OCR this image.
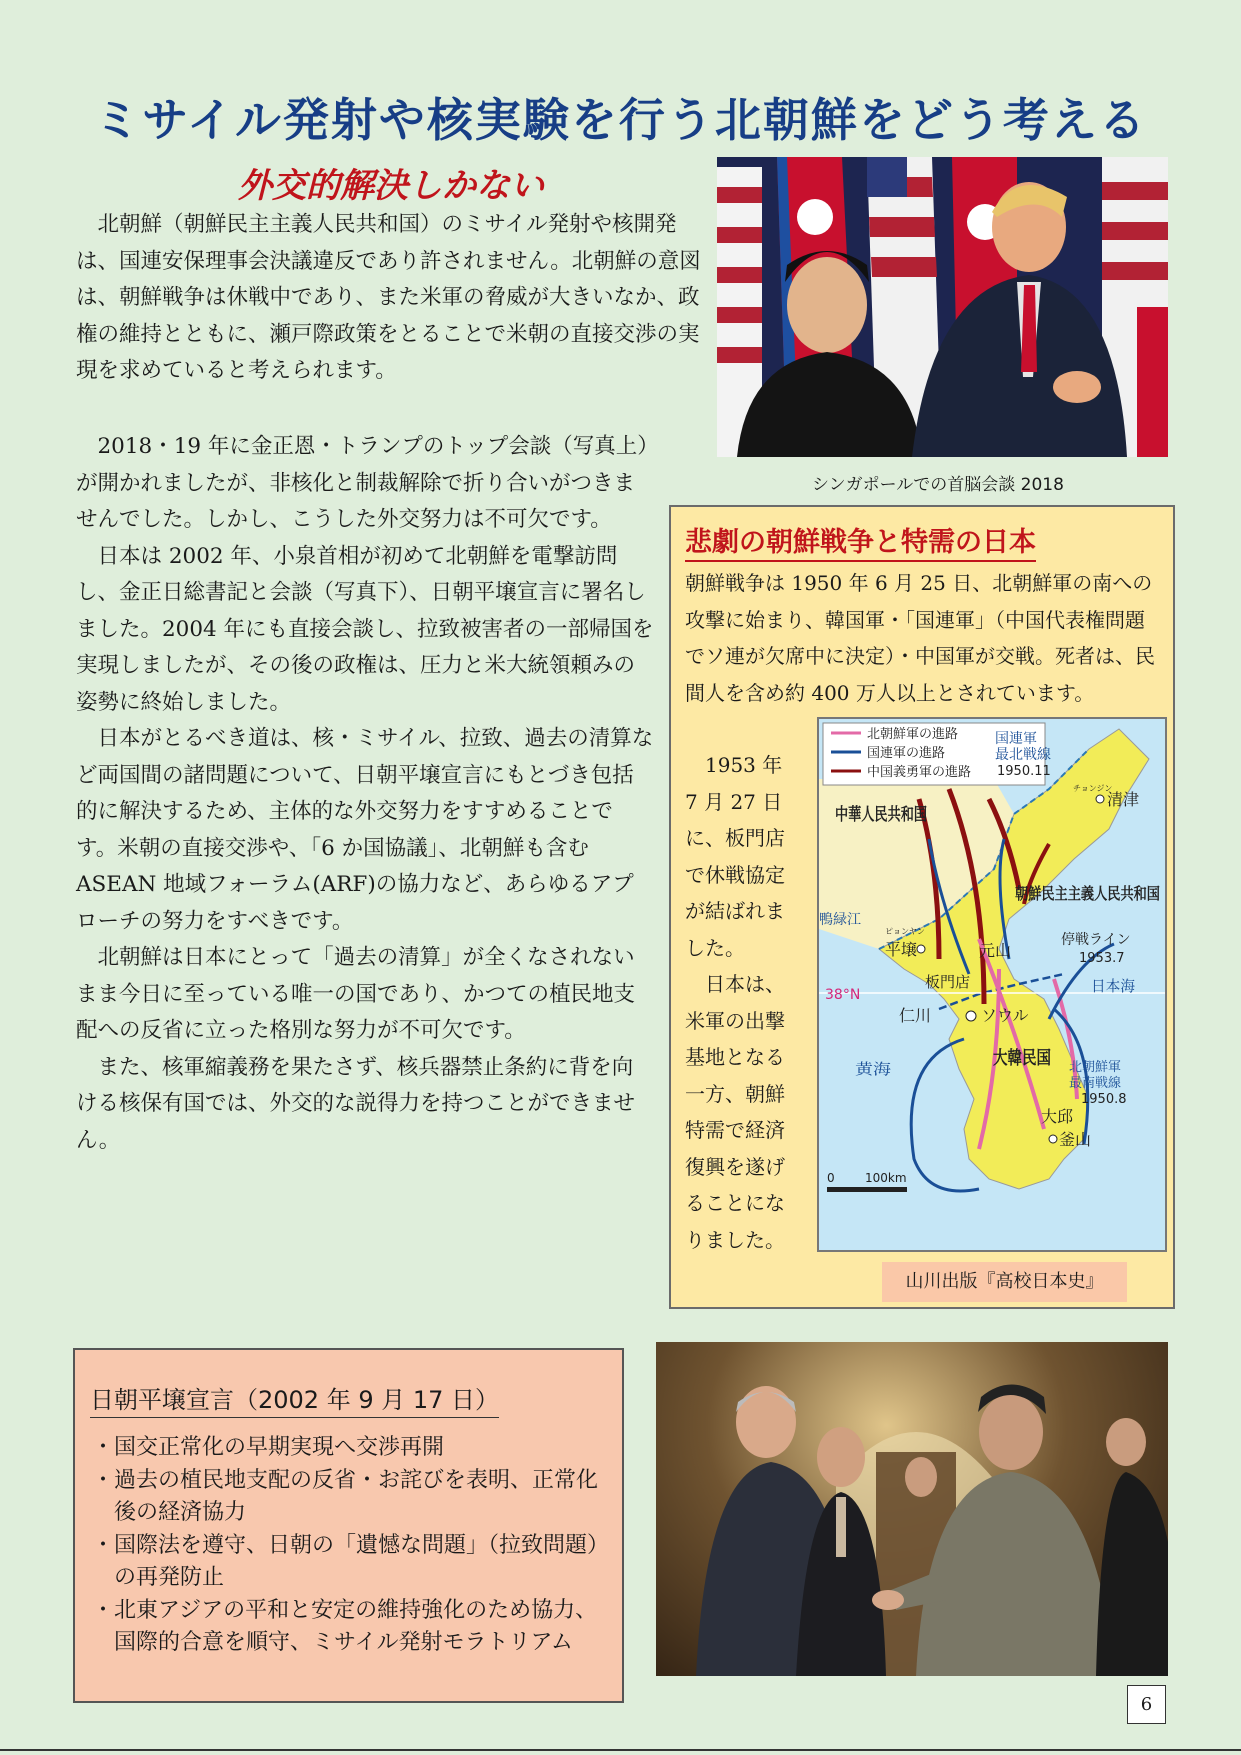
ミサイル発射や核実験を行う北朝鮮をどう考える
外交的解決しかない

北朝鮮（朝鮮民主主義人民共和国）のミサイル発射や核開発は、国連安保理事会決議違反であり許されません。北朝鮮の意図は、朝鮮戦争は休戦中であり、また米軍の脅威が大きいなか、政権の維持とともに、瀬戸際政策をとることで米朝の直接交渉の実現を求めていると考えられます。

2018・19 年に金正恩・トランプのトップ会談（写真上）が開かれましたが、非核化と制裁解除で折り合いがつきませんでした。しかし、こうした外交努力は不可欠です。

日本は 2002 年、小泉首相が初めて北朝鮮を電撃訪問し、金正日総書記と会談（写真下）、日朝平壌宣言に署名しました。2004 年にも直接会談し、拉致被害者の一部帰国を実現しましたが、その後の政権は、圧力と米大統領頼みの姿勢に終始しました。

日本がとるべき道は、核・ミサイル、拉致、過去の清算など両国間の諸問題について、日朝平壌宣言にもとづき包括的に解決するため、主体的な外交努力をすすめることです。米朝の直接交渉や、「6 か国協議」、北朝鮮も含む ASEAN 地域フォーラム(ARF)の協力など、あらゆるアプローチの努力をすべきです。

北朝鮮は日本にとって「過去の清算」が全くなされないまま今日に至っている唯一の国であり、かつての植民地支配への反省に立った格別な努力が不可欠です。

また、核軍縮義務を果たさず、核兵器禁止条約に背を向ける核保有国では、外交的な説得力を持つことができません。

シンガポールでの首脳会談 2018
悲劇の朝鮮戦争と特需の日本
朝鮮戦争は 1950 年 6 月 25 日、北朝鮮軍の南への攻撃に始まり、韓国軍・「国連軍」（中国代表権問題でソ連が欠席中に決定）・中国軍が交戦。死者は、民間人を含め約 400 万人以上とされています。

1953 年 7 月 27 日に、板門店で休戦協定が結ばれました。

日本は、米軍の出撃基地となる一方、朝鮮特需で経済復興を遂げることになりました。

北朝鮮軍の進路
国連軍の進路
中国義勇軍の進路
中華人民共和国
国連軍
最北戦線
1950.11
チョンジン
清津
朝鮮民主主義人民共和国
鴨緑江
ピョンヤン
平壌	元山
停戦ライン
1953.7
38°N
板門店
仁川	ソウル
日本海
黄海	大韓民国 北朝鮮軍
最南戦線
1950.8
大邱
釜山
0	100km
山川出版『高校日本史』
日朝平壌宣言（2002 年 9 月 17 日）
・ 国交正常化の早期実現へ交渉再開
・ 過去の植民地支配の反省・お詫びを表明、正常化後の経済協力
・ 国際法を遵守、日朝の「遺憾な問題」（拉致問題）の再発防止
・ 北東アジアの平和と安定の維持強化のため協力、国際的合意を順守、ミサイル発射モラトリアム
6
